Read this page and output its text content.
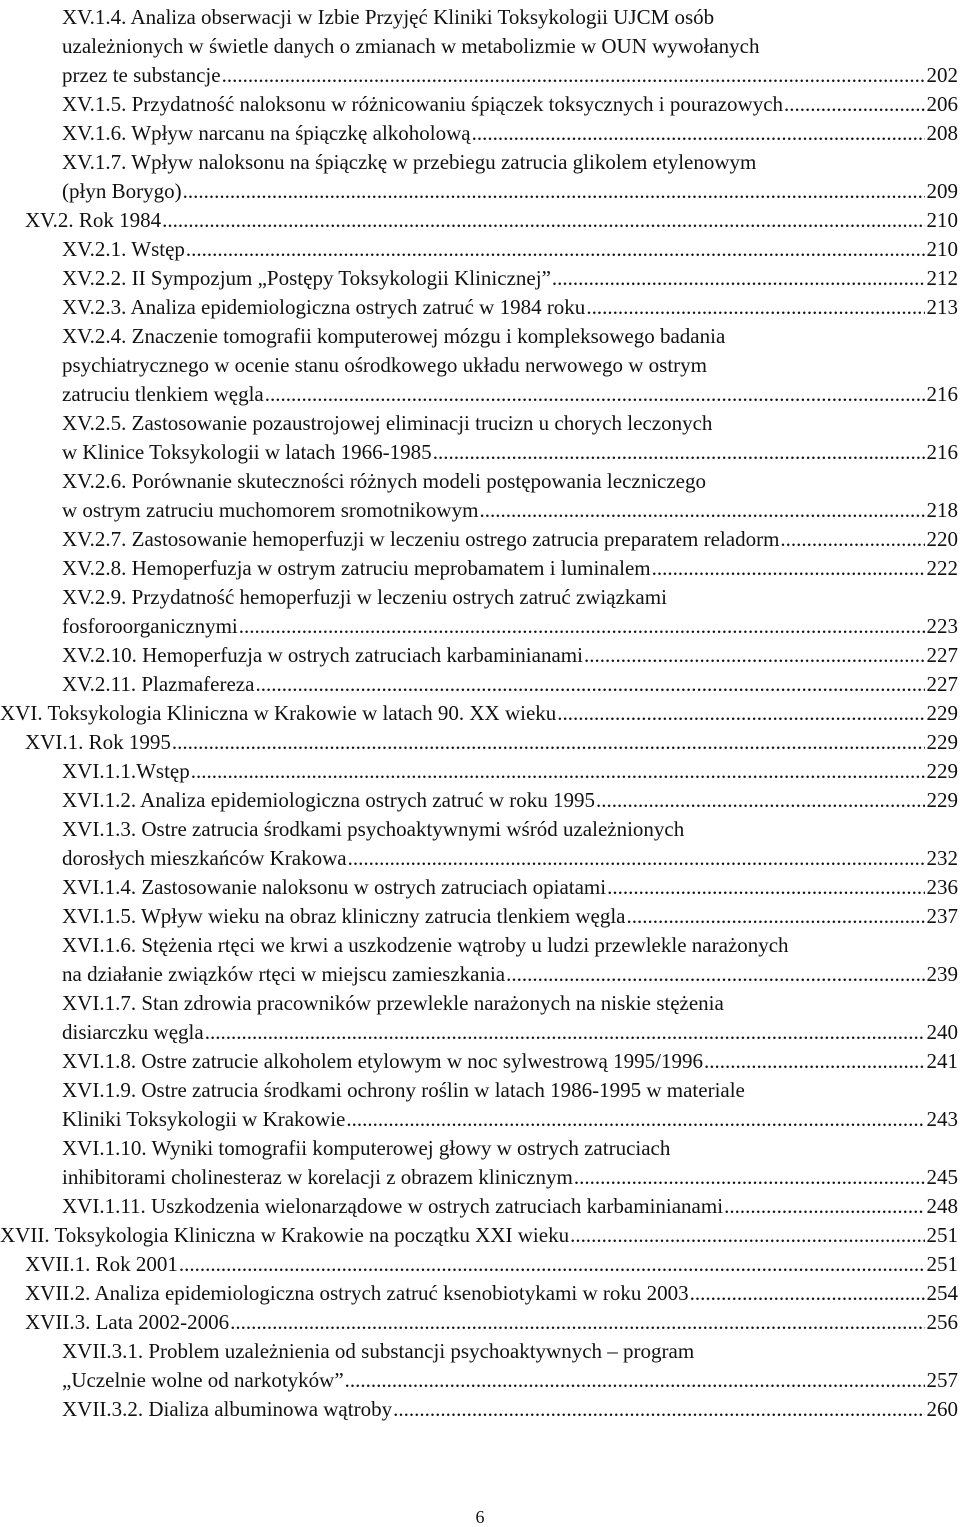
XV.1.4. Analiza obserwacji w Izbie Przyjęć Kliniki Toksykologii UJCM osób
uzależnionych w świetle danych o zmianach w metabolizmie w OUN wywołanych
przez te substancje .....	202
XV.1.5. Przydatność naloksonu w różnicowaniu śpiączek toksycznych i pourazowych .....	206
XV.1.6. Wpływ narcanu na śpiączkę alkoholową .....	208
XV.1.7. Wpływ naloksonu na śpiączkę w przebiegu zatrucia glikolem etylenowym
(płyn Borygo) .....	209
XV.2. Rok 1984 .....	210
XV.2.1. Wstęp .....	210
XV.2.2. II Sympozjum „Postępy Toksykologii Klinicznej” .....	212
XV.2.3. Analiza epidemiologiczna ostrych zatruć w 1984 roku .....	213
XV.2.4. Znaczenie tomografii komputerowej mózgu i kompleksowego badania
psychiatrycznego w ocenie stanu ośrodkowego układu nerwowego w ostrym
zatruciu tlenkiem węgla .....	216
XV.2.5. Zastosowanie pozaustrojowej eliminacji trucizn u chorych leczonych
w Klinice Toksykologii w latach 1966-1985 .....	216
XV.2.6. Porównanie skuteczności różnych modeli postępowania leczniczego
w ostrym zatruciu muchomorem sromotnikowym .....	218
XV.2.7. Zastosowanie hemoperfuzji w leczeniu ostrego zatrucia preparatem reladorm .....	220
XV.2.8. Hemoperfuzja w ostrym zatruciu meprobamatem i luminalem .....	222
XV.2.9. Przydatność hemoperfuzji w leczeniu ostrych zatruć związkami
fosforoorganicznymi .....	223
XV.2.10. Hemoperfuzja w ostrych zatruciach karbaminianami .....	227
XV.2.11. Plazmafereza .....	227
XVI. Toksykologia Kliniczna w Krakowie w latach 90. XX wieku .....	229
XVI.1. Rok 1995 .....	229
XVI.1.1.Wstęp .....	229
XVI.1.2. Analiza epidemiologiczna ostrych zatruć w roku 1995 .....	229
XVI.1.3. Ostre zatrucia środkami psychoaktywnymi wśród uzależnionych
dorosłych mieszkańców Krakowa .....	232
XVI.1.4. Zastosowanie naloksonu w ostrych zatruciach opiatami .....	236
XVI.1.5. Wpływ wieku na obraz kliniczny zatrucia tlenkiem węgla .....	237
XVI.1.6. Stężenia rtęci we krwi a uszkodzenie wątroby u ludzi przewlekle narażonych
na działanie związków rtęci w miejscu zamieszkania .....	239
XVI.1.7. Stan zdrowia pracowników przewlekle narażonych na niskie stężenia
disiarczku węgla .....	240
XVI.1.8. Ostre zatrucie alkoholem etylowym w noc sylwestrową 1995/1996 .....	241
XVI.1.9. Ostre zatrucia środkami ochrony roślin w latach 1986-1995 w materiale
Kliniki Toksykologii w Krakowie .....	243
XVI.1.10. Wyniki tomografii komputerowej głowy w ostrych zatruciach
inhibitorami cholinesteraz w korelacji z obrazem klinicznym .....	245
XVI.1.11. Uszkodzenia wielonarządowe w ostrych zatruciach karbaminianami .....	248
XVII. Toksykologia Kliniczna w Krakowie na początku XXI wieku .....	251
XVII.1. Rok 2001 .....	251
XVII.2. Analiza epidemiologiczna ostrych zatruć ksenobiotykami w roku 2003 .....	254
XVII.3. Lata 2002-2006 .....	256
XVII.3.1. Problem uzależnienia od substancji psychoaktywnych – program
„Uczelnie wolne od narkotyków” .....	257
XVII.3.2. Dializa albuminowa wątroby .....	260
6
